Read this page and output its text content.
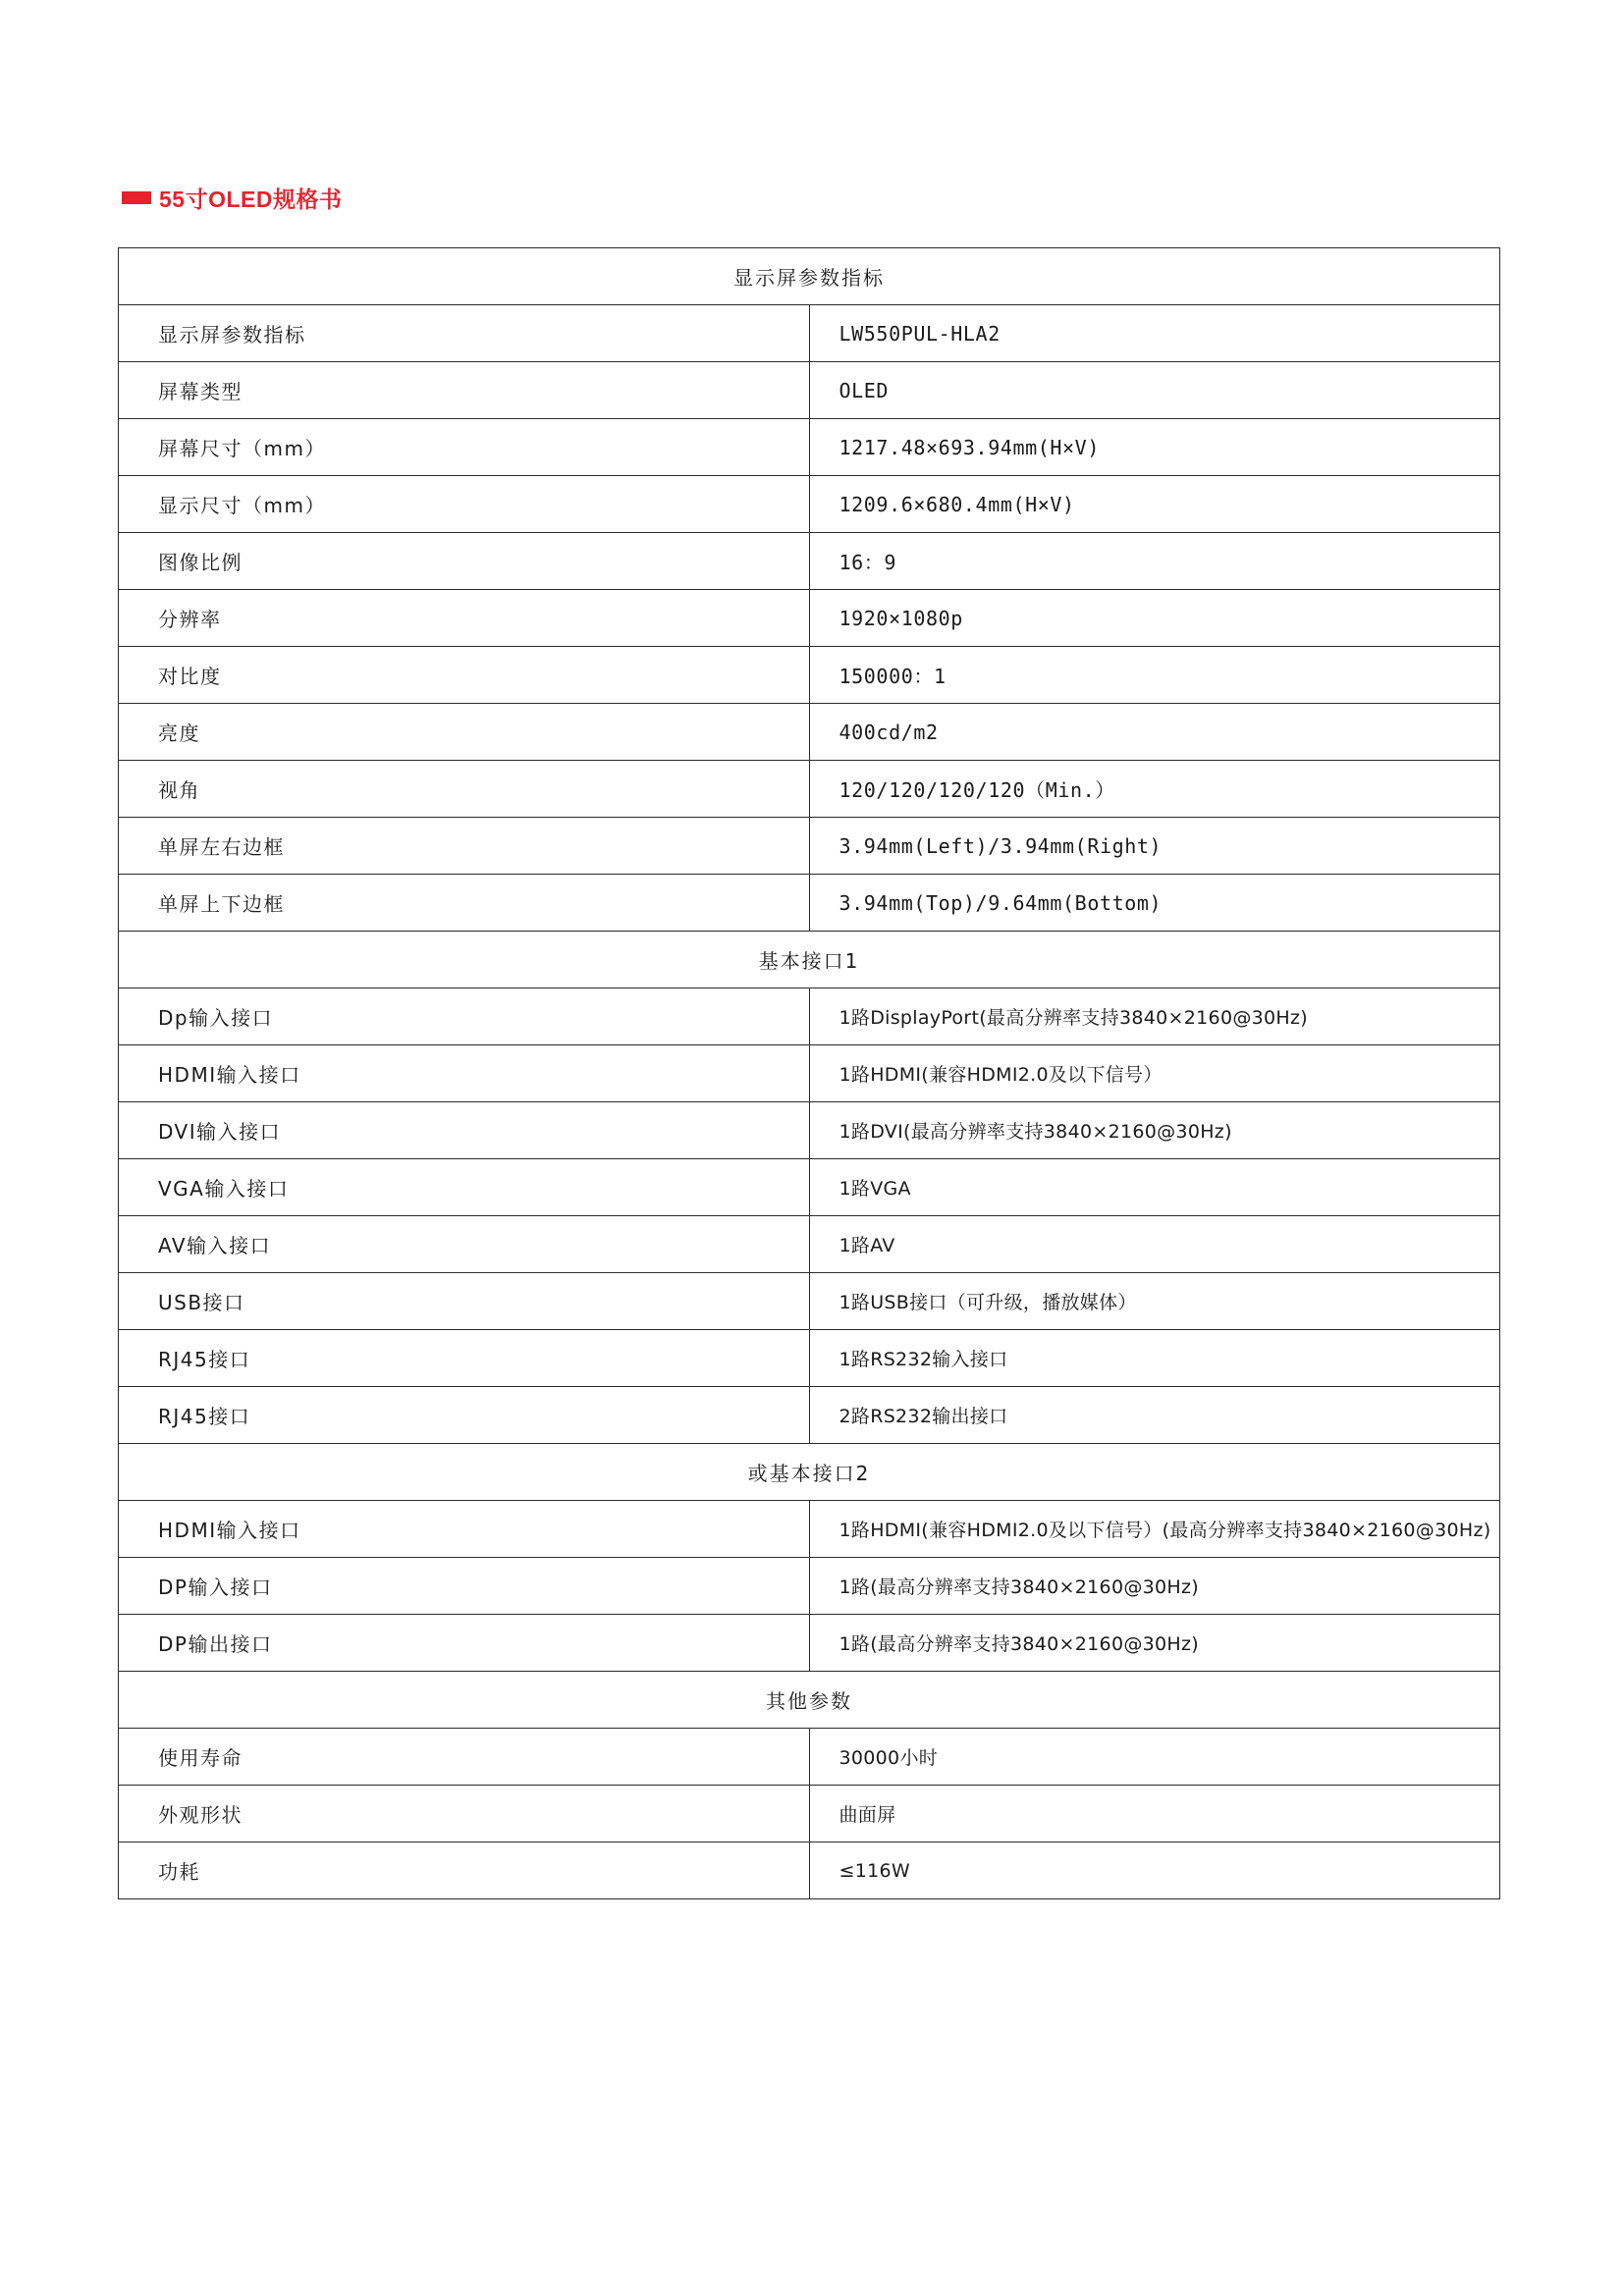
55寸OLED规格书
显示屏参数指标	
显示屏参数指标	LW550PUL-HLA2
屏幕类型	OLED
屏幕尺寸（mm）	1217.48×693.94mm(H×V)
显示尺寸（mm）	1209.6×680.4mm(H×V)
图像比例	16：9
分辨率	1920×1080p
对比度	150000：1
亮度	400cd/m2
视角	120/120/120/120（Min.）
单屏左右边框	3.94mm(Left)/3.94mm(Right)
单屏上下边框	3.94mm(Top)/9.64mm(Bottom)
基本接口1	
Dp输入接口	1路DisplayPort(最高分辨率支持3840×2160@30Hz)
HDMI输入接口	1路HDMI(兼容HDMI2.0及以下信号）
DVI输入接口	1路DVI(最高分辨率支持3840×2160@30Hz)
VGA输入接口	1路VGA
AV输入接口	1路AV
USB接口	1路USB接口（可升级，播放媒体）
RJ45接口	1路RS232输入接口
RJ45接口	2路RS232输出接口
或基本接口2	
HDMI输入接口	1路HDMI(兼容HDMI2.0及以下信号）(最高分辨率支持3840×2160@30Hz)
DP输入接口	1路(最高分辨率支持3840×2160@30Hz)
DP输出接口	1路(最高分辨率支持3840×2160@30Hz)
其他参数	
使用寿命	30000小时
外观形状	曲面屏
功耗	≤116W
